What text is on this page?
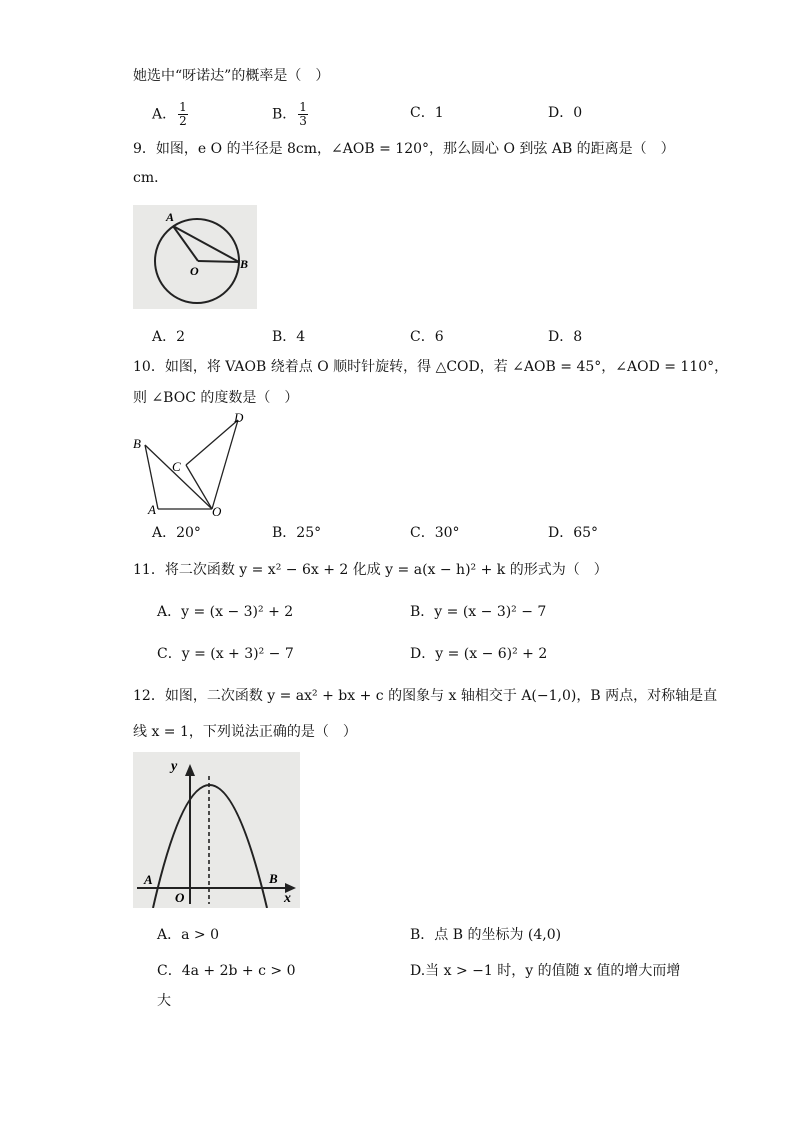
她选中“呀诺达”的概率是（　）
A． $\frac{1}{2}$	B． $\frac{1}{3}$	C．1	D．0
9．如图，e O 的半径是 8cm，∠AOB = 120°，那么圆心 O 到弦 AB 的距离是（　）
cm．
A
O	B
A．2	B．4	C．6	D．8
10．如图，将 VAOB 绕着点 O 顺时针旋转，得 △COD，若 ∠AOB = 45°，∠AOD = 110°，
则 ∠BOC 的度数是（　）
B
C
D
A	O
A．20°	B．25°	C．30°	D．65°
11．将二次函数 y = x² − 6x + 2 化成 y = a(x − h)² + k 的形式为（　）
A．y = (x − 3)² + 2	B．y = (x − 3)² − 7
C．y = (x + 3)² − 7	D．y = (x − 6)² + 2
12．如图，二次函数 y = ax² + bx + c 的图象与 x 轴相交于 A(−1,0)，B 两点，对称轴是直
线 x = 1，下列说法正确的是（　）
y
A
O
B
x
A．a > 0	B．点 B 的坐标为 (4,0)
C．4a + 2b + c > 0	D.当 x > −1 时，y 的值随 x 值的增大而增
大
